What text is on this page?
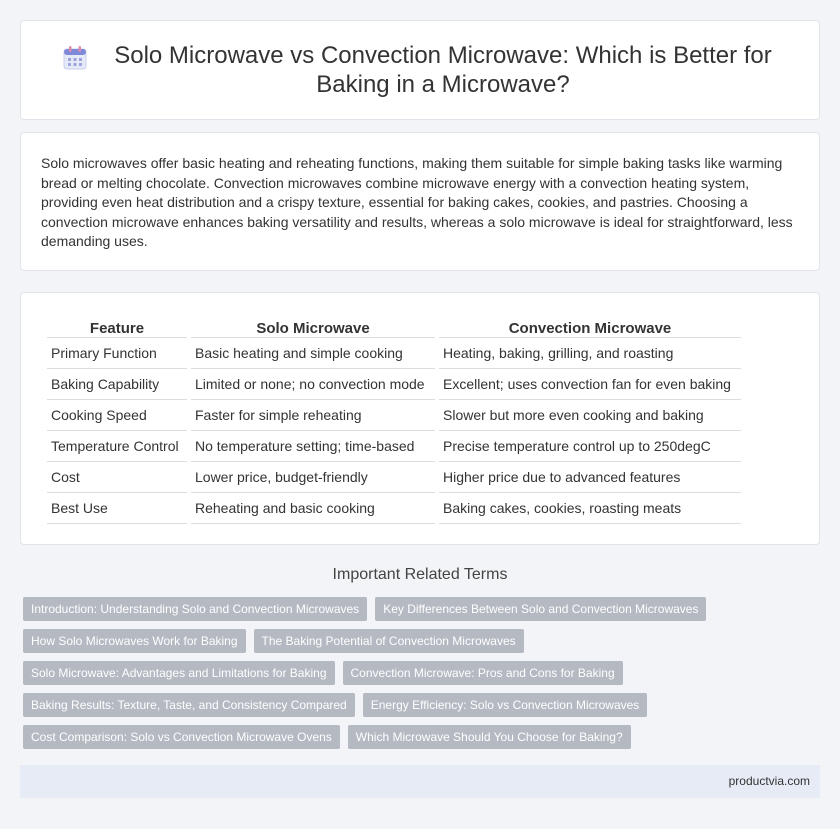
Solo Microwave vs Convection Microwave: Which is Better for Baking in a Microwave?

Solo microwaves offer basic heating and reheating functions, making them suitable for simple baking tasks like warming bread or melting chocolate. Convection microwaves combine microwave energy with a convection heating system, providing even heat distribution and a crispy texture, essential for baking cakes, cookies, and pastries. Choosing a convection microwave enhances baking versatility and results, whereas a solo microwave is ideal for straightforward, less demanding uses.

Feature	Solo Microwave	Convection Microwave
Primary Function	Basic heating and simple cooking	Heating, baking, grilling, and roasting
Baking Capability	Limited or none; no convection mode	Excellent; uses convection fan for even baking
Cooking Speed	Faster for simple reheating	Slower but more even cooking and baking
Temperature Control	No temperature setting; time-based	Precise temperature control up to 250degC
Cost	Lower price, budget-friendly	Higher price due to advanced features
Best Use	Reheating and basic cooking	Baking cakes, cookies, roasting meats
Important Related Terms
Introduction: Understanding Solo and Convection Microwaves	Key Differences Between Solo and Convection Microwaves
How Solo Microwaves Work for Baking	The Baking Potential of Convection Microwaves
Solo Microwave: Advantages and Limitations for Baking	Convection Microwave: Pros and Cons for Baking
Baking Results: Texture, Taste, and Consistency Compared	Energy Efficiency: Solo vs Convection Microwaves
Cost Comparison: Solo vs Convection Microwave Ovens	Which Microwave Should You Choose for Baking?
productvia.com
